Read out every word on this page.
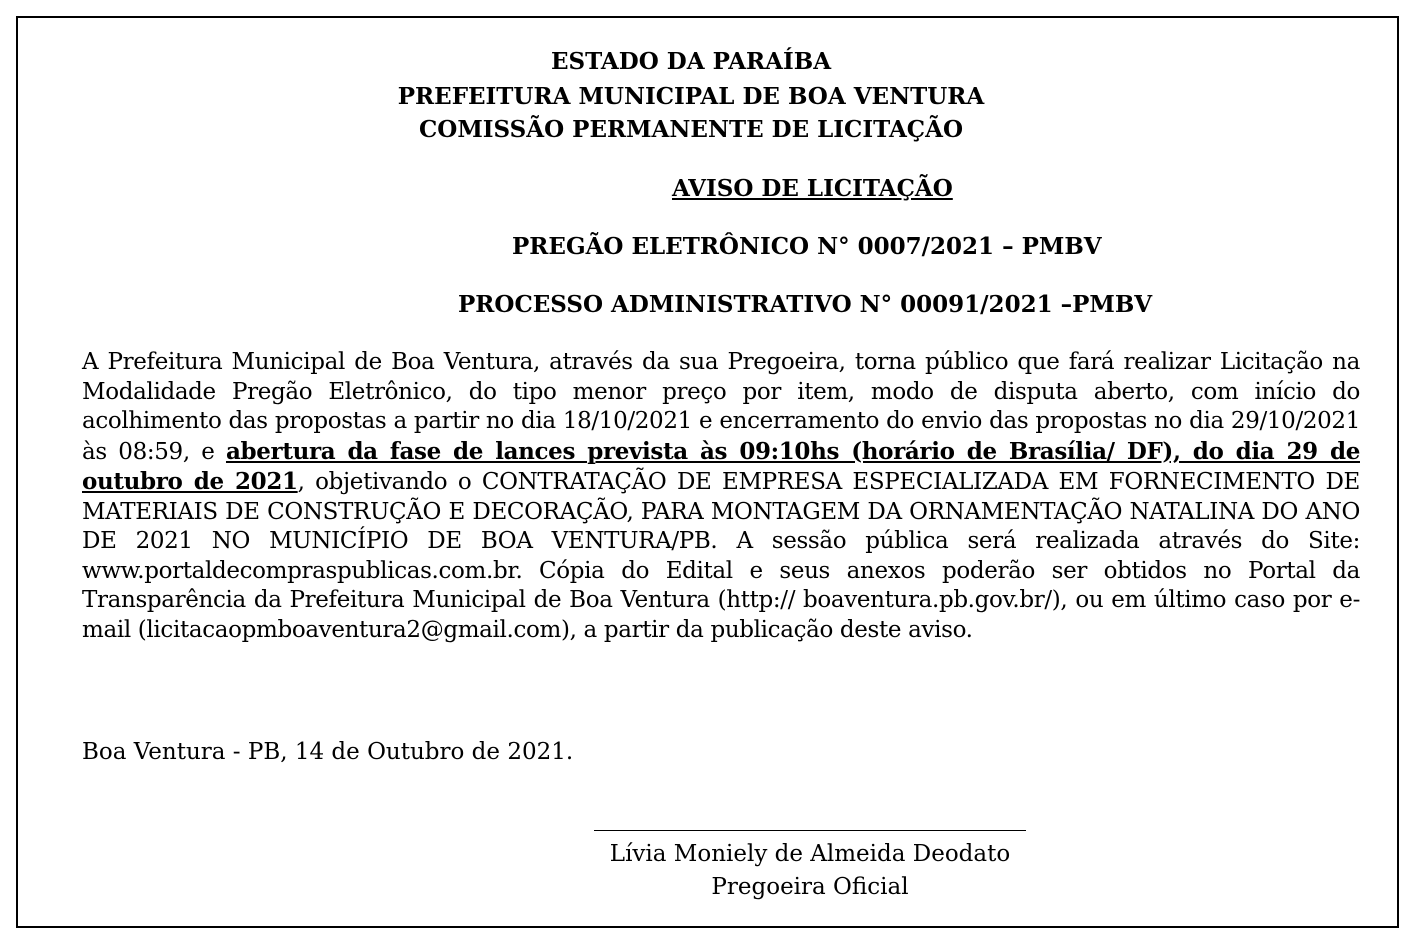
ESTADO DA PARAÍBA
PREFEITURA MUNICIPAL DE BOA VENTURA
COMISSÃO PERMANENTE DE LICITAÇÃO
AVISO DE LICITAÇÃO
PREGÃO ELETRÔNICO N° 0007/2021 – PMBV
PROCESSO ADMINISTRATIVO N° 00091/2021 –PMBV
A Prefeitura Municipal de Boa Ventura, através da sua Pregoeira, torna público que fará realizar Licitação na Modalidade Pregão Eletrônico, do tipo menor preço por item, modo de disputa aberto, com início do acolhimento das propostas a partir no dia 18/10/2021 e encerramento do envio das propostas no dia 29/10/2021 às 08:59, e abertura da fase de lances prevista às 09:10hs (horário de Brasília/ DF), do dia 29 de outubro de 2021, objetivando o CONTRATAÇÃO DE EMPRESA ESPECIALIZADA EM FORNECIMENTO DE MATERIAIS DE CONSTRUÇÃO E DECORAÇÃO, PARA MONTAGEM DA ORNAMENTAÇÃO NATALINA DO ANO DE 2021 NO MUNICÍPIO DE BOA VENTURA/PB. A sessão pública será realizada através do Site: www.portaldecompraspublicas.com.br. Cópia do Edital e seus anexos poderão ser obtidos no Portal da Transparência da Prefeitura Municipal de Boa Ventura (http:// boaventura.pb.gov.br/), ou em último caso por e-mail (licitacaopmboaventura2@gmail.com), a partir da publicação deste aviso.
Boa Ventura - PB, 14 de Outubro de 2021.
Lívia Moniely de Almeida Deodato
Pregoeira Oficial
